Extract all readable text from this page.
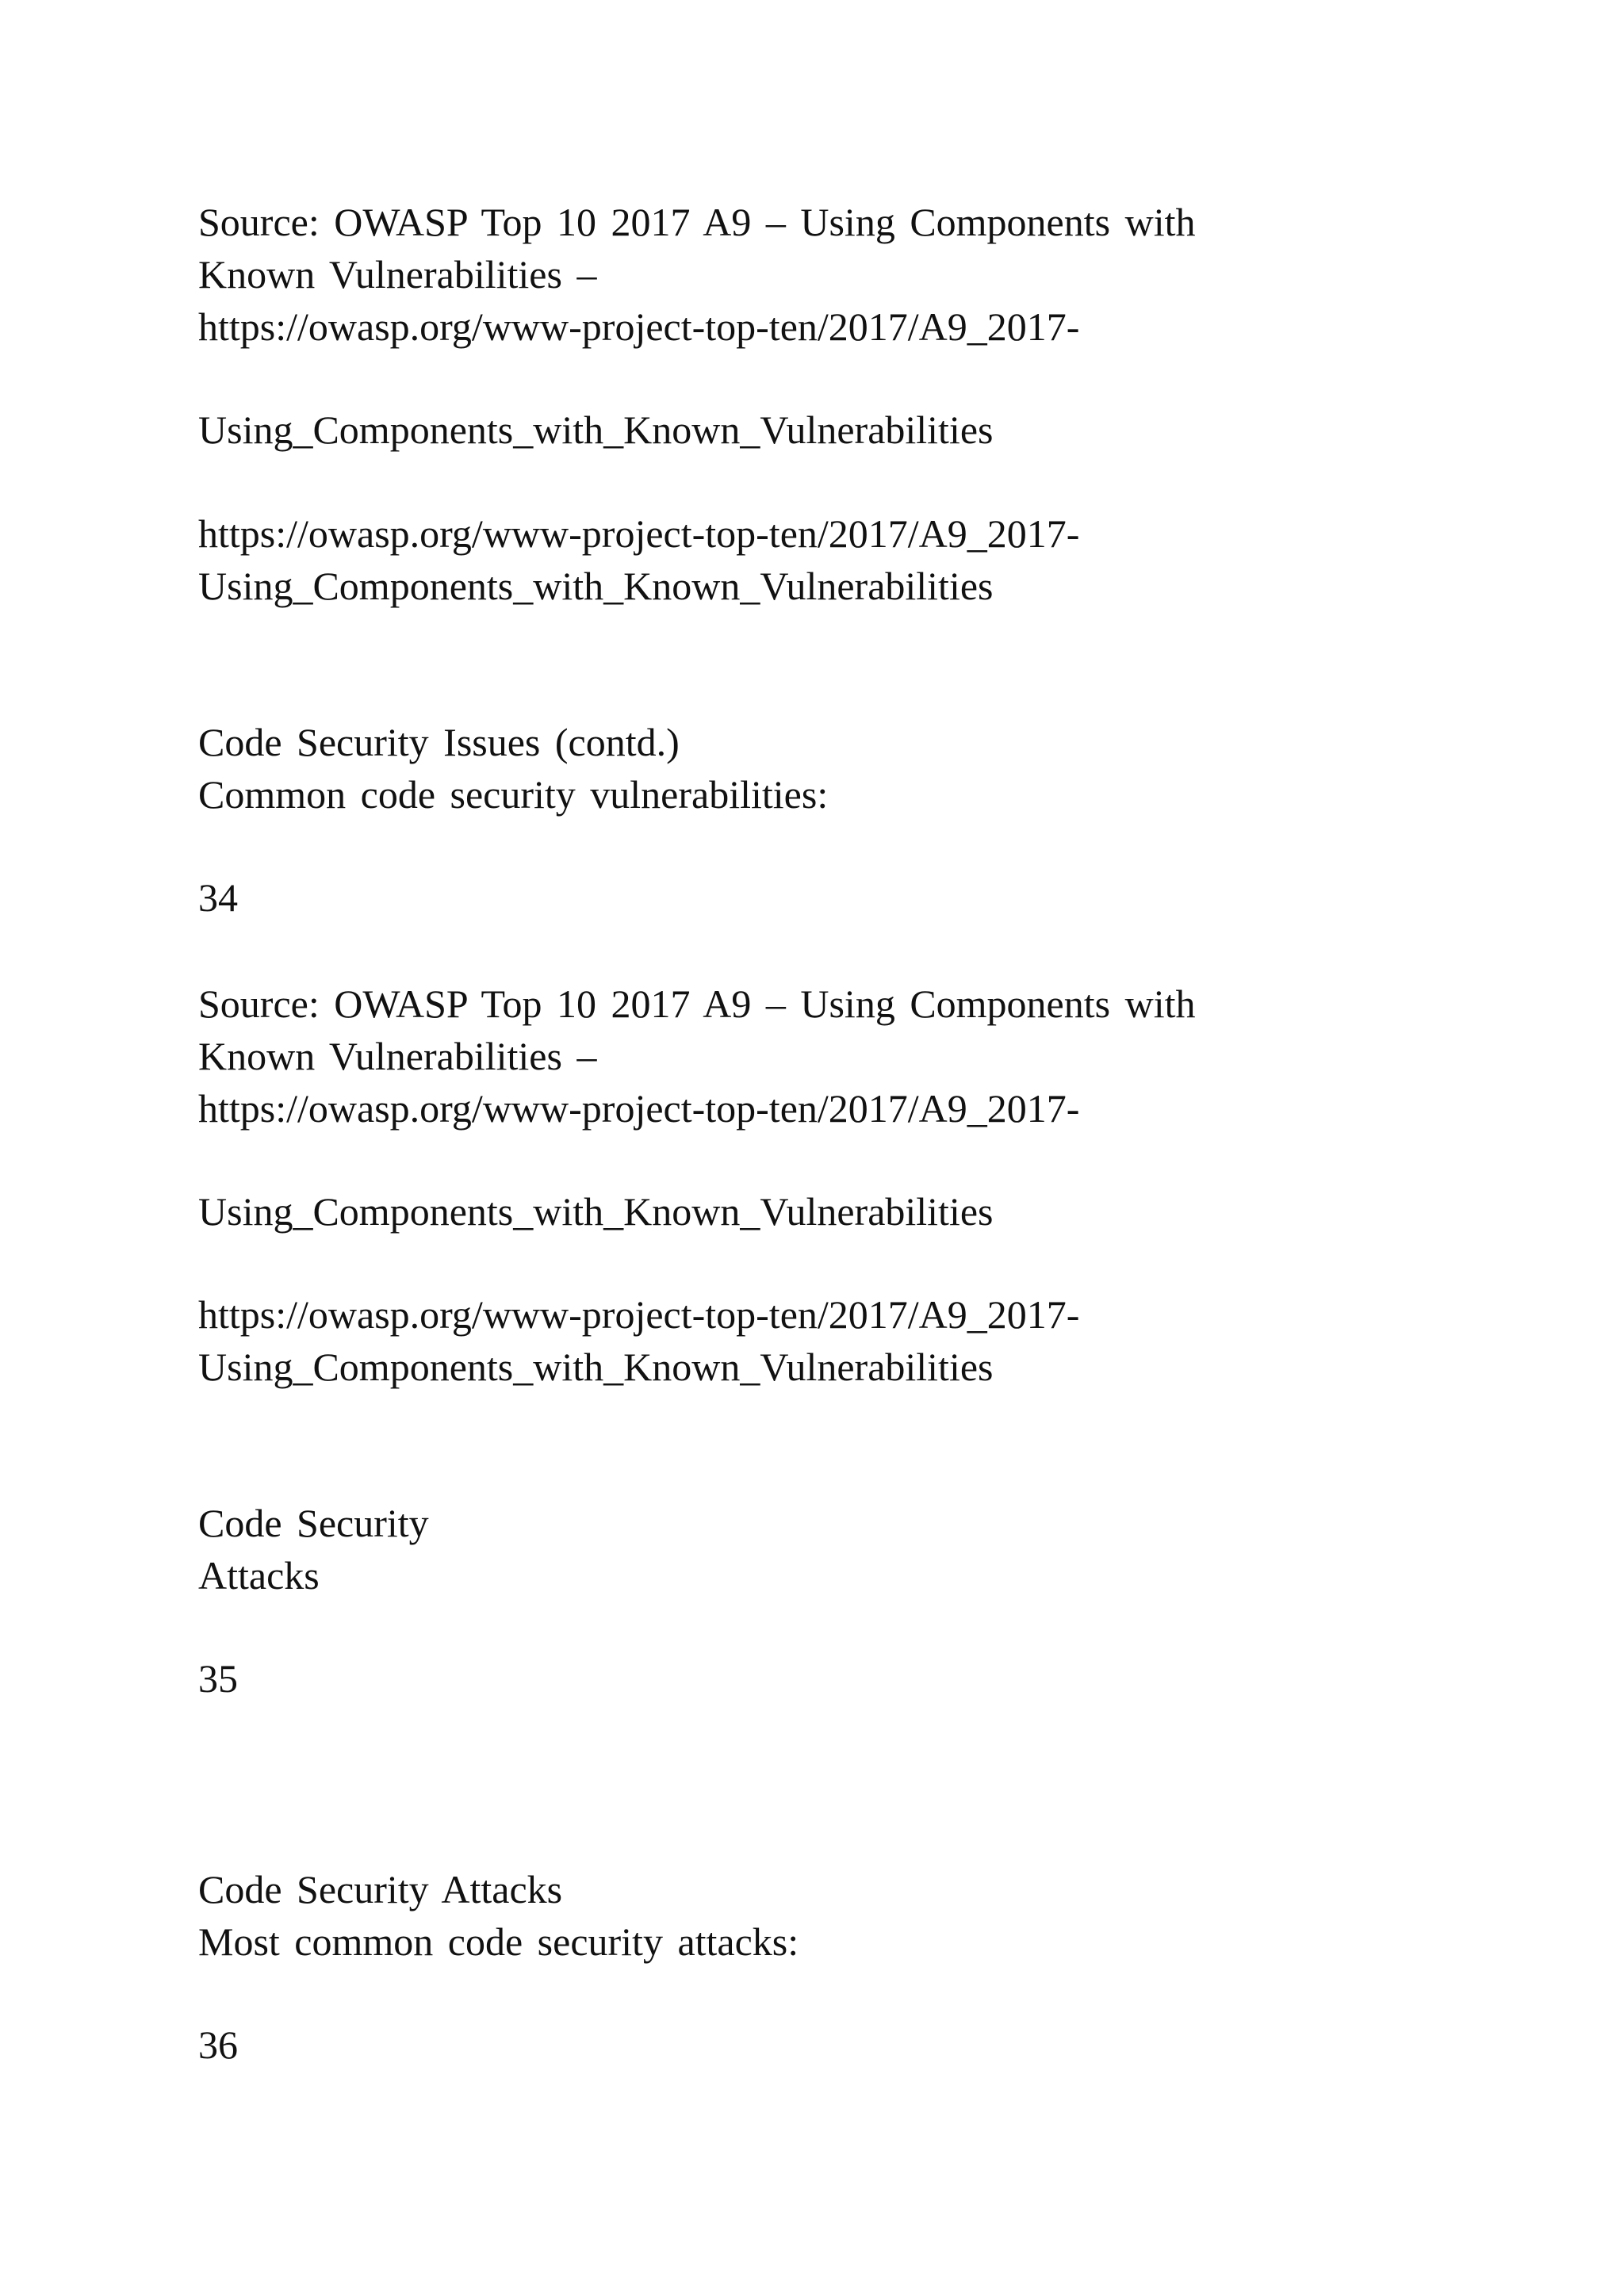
Source: OWASP Top 10 2017 A9 – Using Components with
Known Vulnerabilities –
https://owasp.org/www-project-top-ten/2017/A9_2017-
Using_Components_with_Known_Vulnerabilities
https://owasp.org/www-project-top-ten/2017/A9_2017-
Using_Components_with_Known_Vulnerabilities
Code Security Issues (contd.)
Common code security vulnerabilities:
34
Source: OWASP Top 10 2017 A9 – Using Components with
Known Vulnerabilities –
https://owasp.org/www-project-top-ten/2017/A9_2017-
Using_Components_with_Known_Vulnerabilities
https://owasp.org/www-project-top-ten/2017/A9_2017-
Using_Components_with_Known_Vulnerabilities
Code Security
Attacks
35
Code Security Attacks
Most common code security attacks:
36
